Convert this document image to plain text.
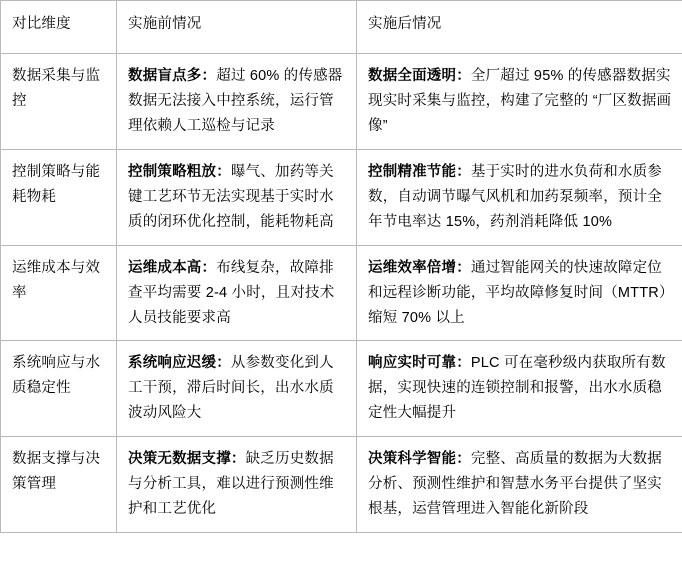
对比维度	实施前情况	实施后情况
数据采集与监控	数据盲点多：超过 60% 的传感器数据无法接入中控系统，运行管理依赖人工巡检与记录	数据全面透明：全厂超过 95% 的传感器数据实现实时采集与监控，构建了完整的 “厂区数据画像”
控制策略与能耗物耗	控制策略粗放：曝气、加药等关键工艺环节无法实现基于实时水质的闭环优化控制，能耗物耗高	控制精准节能：基于实时的进水负荷和水质参数，自动调节曝气风机和加药泵频率，预计全年节电率达 15%，药剂消耗降低 10%
运维成本与效率	运维成本高：布线复杂，故障排查平均需要 2-4 小时，且对技术人员技能要求高	运维效率倍增：通过智能网关的快速故障定位和远程诊断功能，平均故障修复时间（MTTR）缩短 70% 以上
系统响应与水质稳定性	系统响应迟缓：从参数变化到人工干预，滞后时间长，出水水质波动风险大	响应实时可靠：PLC 可在毫秒级内获取所有数据，实现快速的连锁控制和报警，出水水质稳定性大幅提升
数据支撑与决策管理	决策无数据支撑：缺乏历史数据与分析工具，难以进行预测性维护和工艺优化	决策科学智能：完整、高质量的数据为大数据分析、预测性维护和智慧水务平台提供了坚实根基，运营管理进入智能化新阶段
